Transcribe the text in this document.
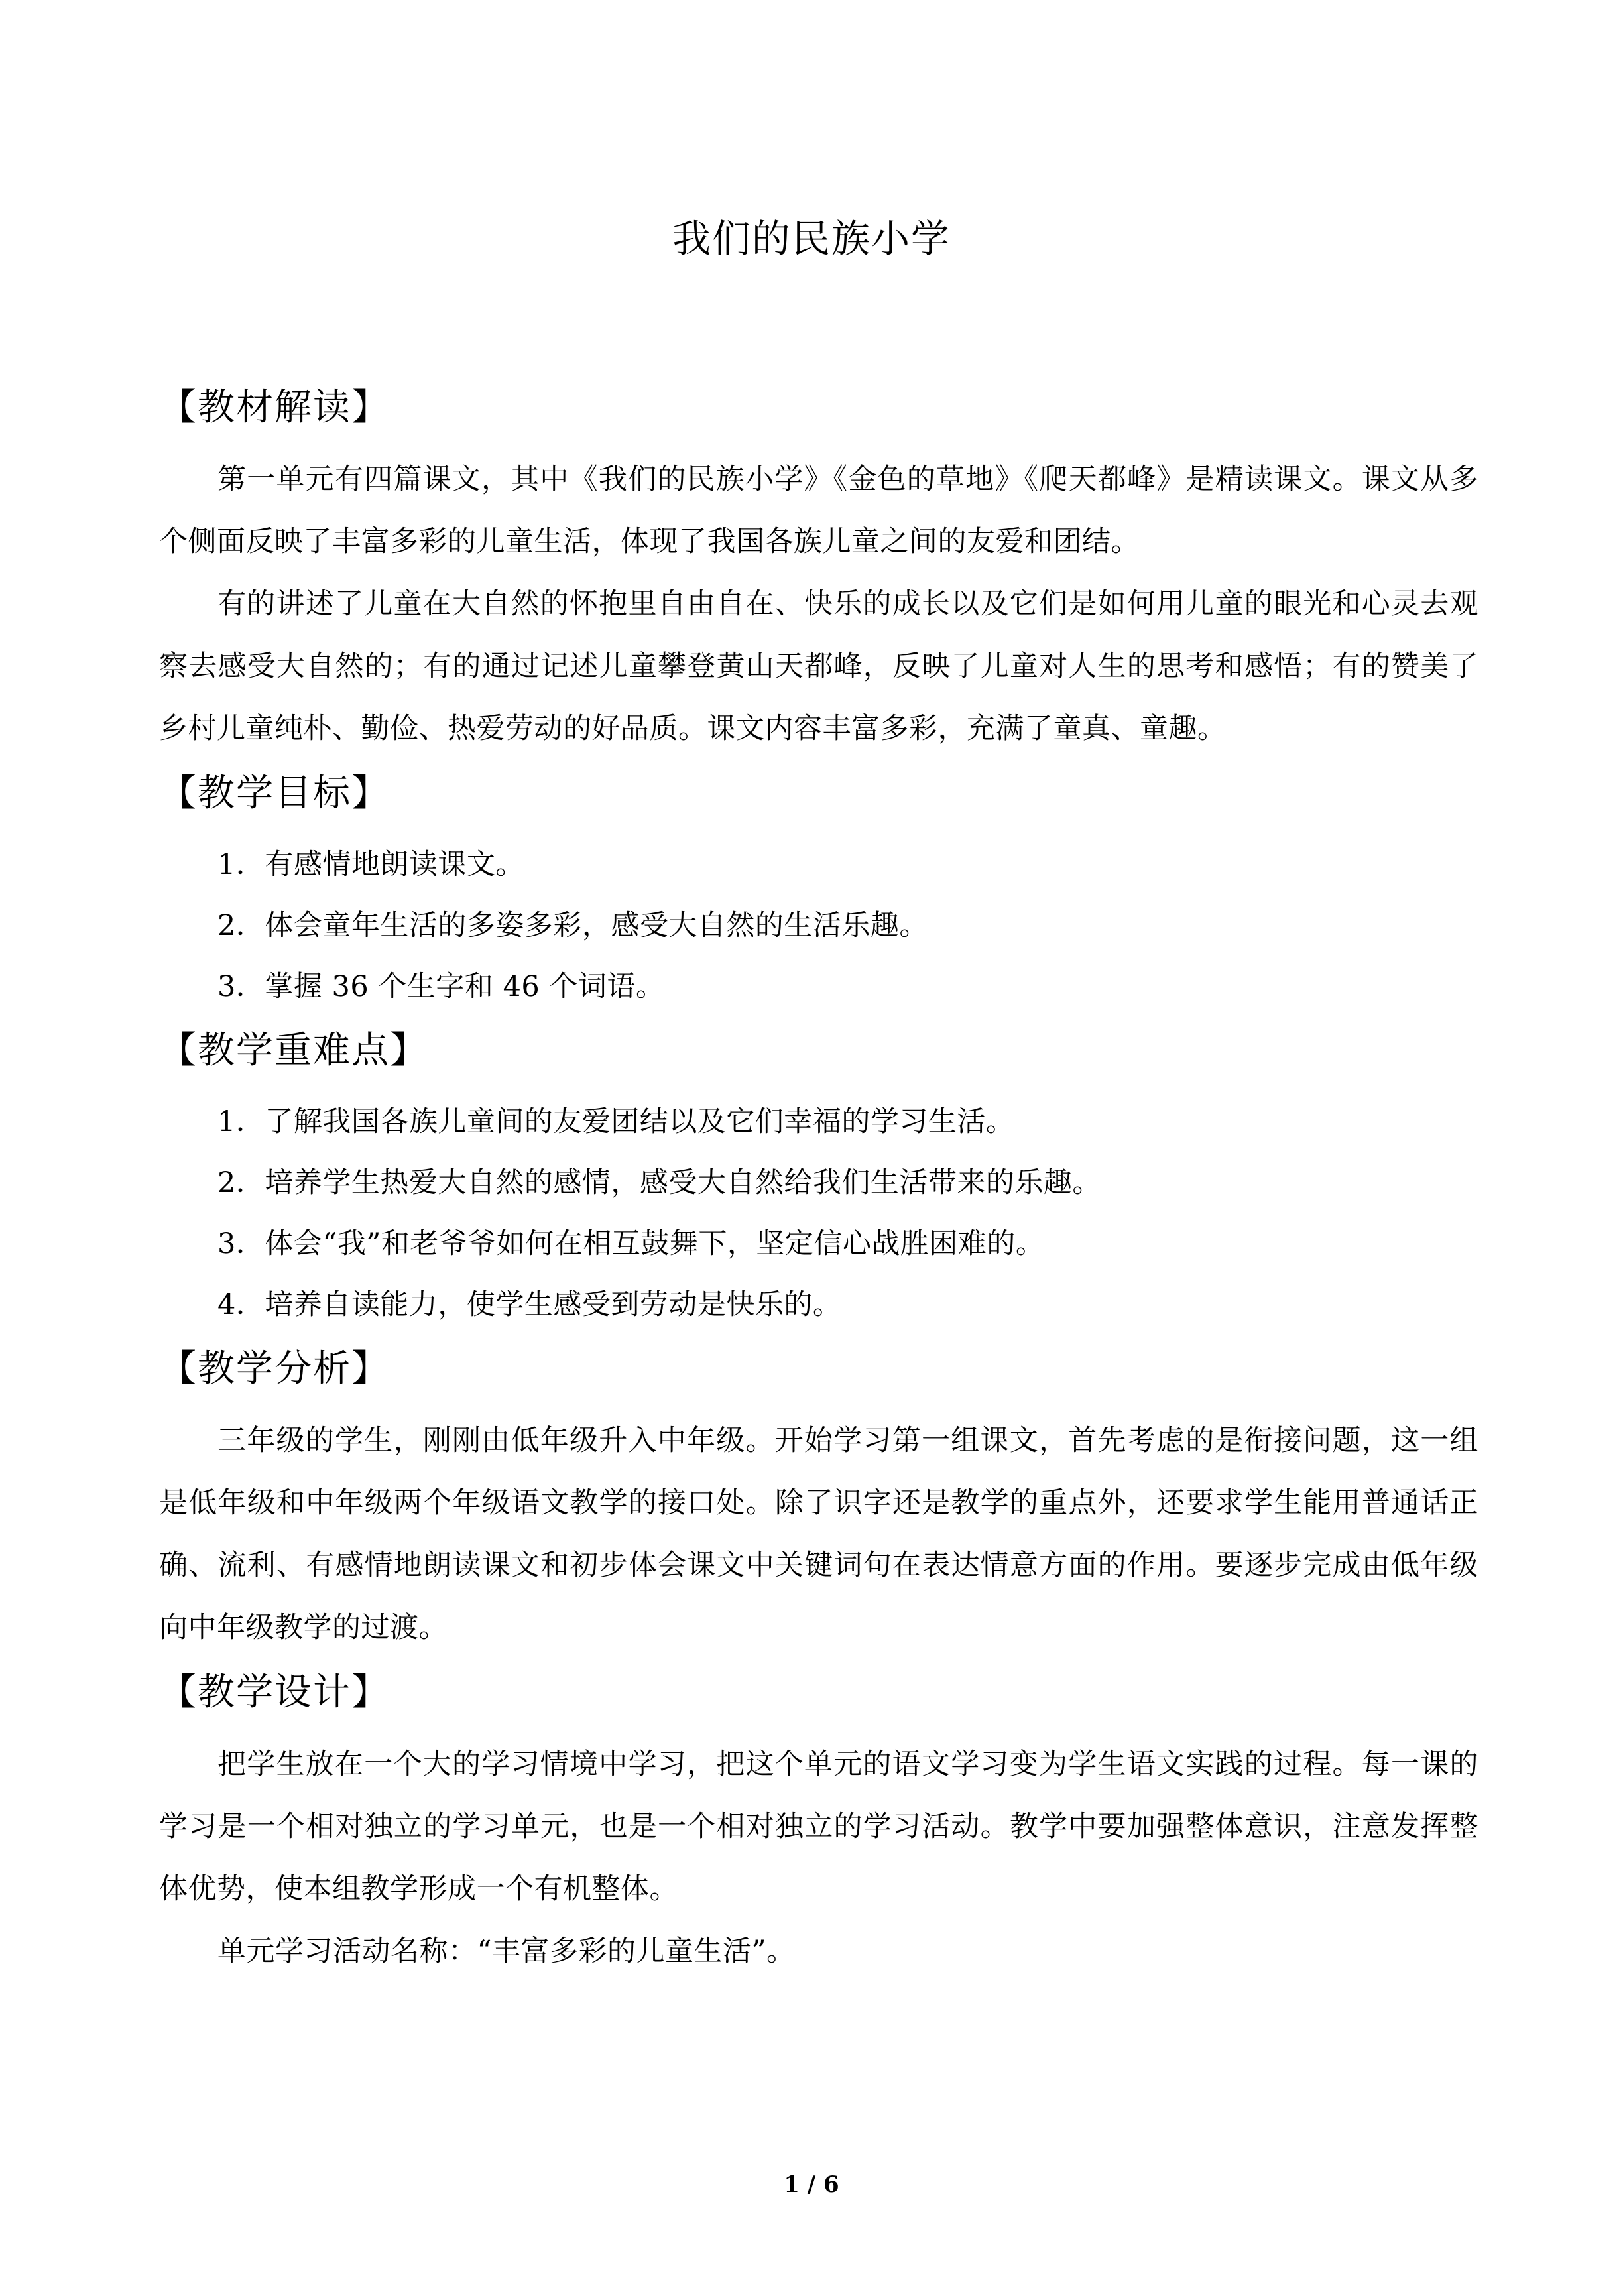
我们的民族小学
【教材解读】

第一单元有四篇课文，其中《我们的民族小学》《金色的草地》《爬天都峰》是精读课文。课文从多个侧面反映了丰富多彩的儿童生活，体现了我国各族儿童之间的友爱和团结。

有的讲述了儿童在大自然的怀抱里自由自在、快乐的成长以及它们是如何用儿童的眼光和心灵去观察去感受大自然的；有的通过记述儿童攀登黄山天都峰，反映了儿童对人生的思考和感悟；有的赞美了乡村儿童纯朴、勤俭、热爱劳动的好品质。课文内容丰富多彩，充满了童真、童趣。

【教学目标】

1．有感情地朗读课文。

2．体会童年生活的多姿多彩，感受大自然的生活乐趣。

3．掌握 36 个生字和 46 个词语。

【教学重难点】

1．了解我国各族儿童间的友爱团结以及它们幸福的学习生活。

2．培养学生热爱大自然的感情，感受大自然给我们生活带来的乐趣。

3．体会“我”和老爷爷如何在相互鼓舞下，坚定信心战胜困难的。

4．培养自读能力，使学生感受到劳动是快乐的。

【教学分析】

三年级的学生，刚刚由低年级升入中年级。开始学习第一组课文，首先考虑的是衔接问题，这一组是低年级和中年级两个年级语文教学的接口处。除了识字还是教学的重点外，还要求学生能用普通话正确、流利、有感情地朗读课文和初步体会课文中关键词句在表达情意方面的作用。要逐步完成由低年级向中年级教学的过渡。

【教学设计】

把学生放在一个大的学习情境中学习，把这个单元的语文学习变为学生语文实践的过程。每一课的学习是一个相对独立的学习单元，也是一个相对独立的学习活动。教学中要加强整体意识，注意发挥整体优势，使本组教学形成一个有机整体。

单元学习活动名称：“丰富多彩的儿童生活”。

1 / 6
